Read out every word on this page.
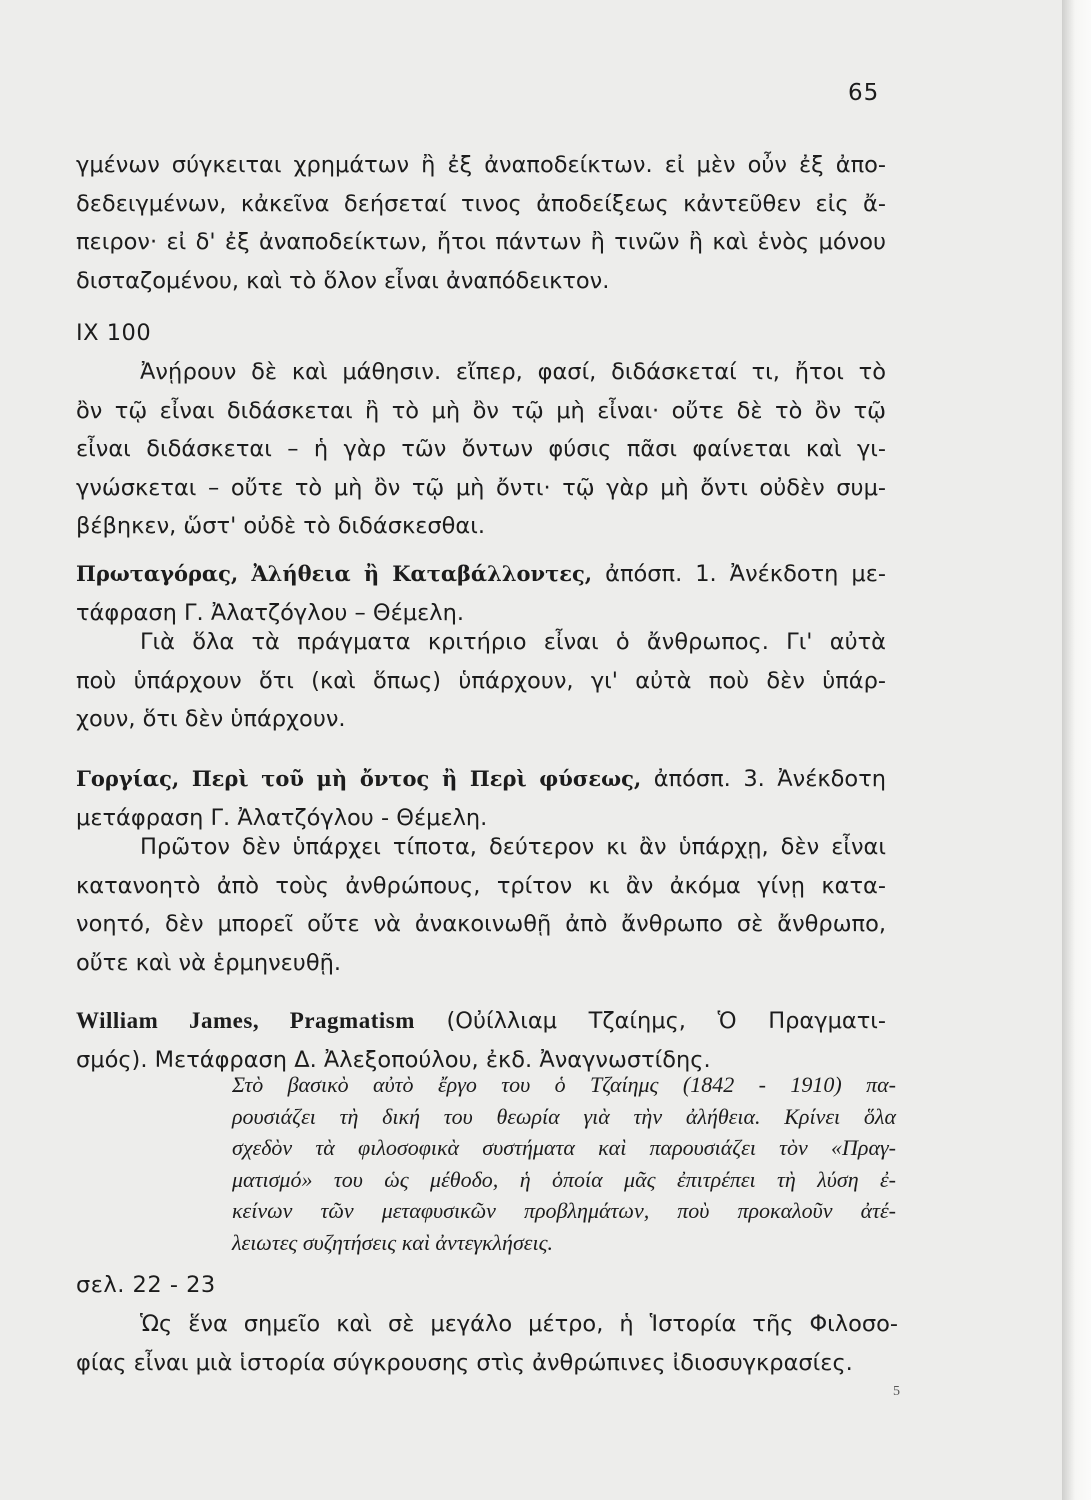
65
γμένων σύγκειται χρημάτων ἢ ἐξ ἀναποδείκτων. εἰ μὲν οὖν ἐξ ἀπο-
δεδειγμένων, κἀκεῖνα δεήσεταί τινος ἀποδείξεως κἀντεῦθεν εἰς ἄ-
πειρον· εἰ δ' ἐξ ἀναποδείκτων, ἤτοι πάντων ἢ τινῶν ἢ καὶ ἑνὸς μόνου
δισταζομένου, καὶ τὸ ὅλον εἶναι ἀναπόδεικτον.
IX 100
Ἀνῄρουν δὲ καὶ μάθησιν. εἴπερ, φασί, διδάσκεταί τι, ἤτοι τὸ
ὂν τῷ εἶναι διδάσκεται ἢ τὸ μὴ ὂν τῷ μὴ εἶναι· οὔτε δὲ τὸ ὂν τῷ
εἶναι διδάσκεται – ἡ γὰρ τῶν ὄντων φύσις πᾶσι φαίνεται καὶ γι-
γνώσκεται – οὔτε τὸ μὴ ὂν τῷ μὴ ὄντι· τῷ γὰρ μὴ ὄντι οὐδὲν συμ-
βέβηκεν, ὥστ' οὐδὲ τὸ διδάσκεσθαι.
Πρωταγόρας, Ἀλήθεια ἢ Καταβάλλοντες, ἀπόσπ. 1. Ἀνέκδοτη με-
τάφραση Γ. Ἀλατζόγλου – Θέμελη.
Γιὰ ὅλα τὰ πράγματα κριτήριο εἶναι ὁ ἄνθρωπος. Γι' αὐτὰ
ποὺ ὑπάρχουν ὅτι (καὶ ὅπως) ὑπάρχουν, γι' αὐτὰ ποὺ δὲν ὑπάρ-
χουν, ὅτι δὲν ὑπάρχουν.
Γοργίας, Περὶ τοῦ μὴ ὄντος ἢ Περὶ φύσεως, ἀπόσπ. 3. Ἀνέκδοτη
μετάφραση Γ. Ἀλατζόγλου - Θέμελη.
Πρῶτον δὲν ὑπάρχει τίποτα, δεύτερον κι ἂν ὑπάρχῃ, δὲν εἶναι
κατανοητὸ ἀπὸ τοὺς ἀνθρώπους, τρίτον κι ἂν ἀκόμα γίνῃ κατα-
νοητό, δὲν μπορεῖ οὔτε νὰ ἀνακοινωθῇ ἀπὸ ἄνθρωπο σὲ ἄνθρωπο,
οὔτε καὶ νὰ ἑρμηνευθῇ.
William James, Pragmatism (Οὐίλλιαμ Τζαίημς, Ὁ Πραγματι-
σμός). Μετάφραση Δ. Ἀλεξοπούλου, ἐκδ. Ἀναγνωστίδης.
Στὸ βασικὸ αὐτὸ ἔργο του ὁ Τζαίημς (1842 - 1910) πα-
ρουσιάζει τὴ δική του θεωρία γιὰ τὴν ἀλήθεια. Κρίνει ὅλα
σχεδὸν τὰ φιλοσοφικὰ συστήματα καὶ παρουσιάζει τὸν «Πραγ-
ματισμό» του ὡς μέθοδο, ἡ ὁποία μᾶς ἐπιτρέπει τὴ λύση ἐ-
κείνων τῶν μεταφυσικῶν προβλημάτων, ποὺ προκαλοῦν ἀτέ-
λειωτες συζητήσεις καὶ ἀντεγκλήσεις.
σελ. 22 - 23
Ὡς ἕνα σημεῖο καὶ σὲ μεγάλο μέτρο, ἡ Ἱστορία τῆς Φιλοσο-
φίας εἶναι μιὰ ἱστορία σύγκρουσης στὶς ἀνθρώπινες ἰδιοσυγκρασίες.
5
